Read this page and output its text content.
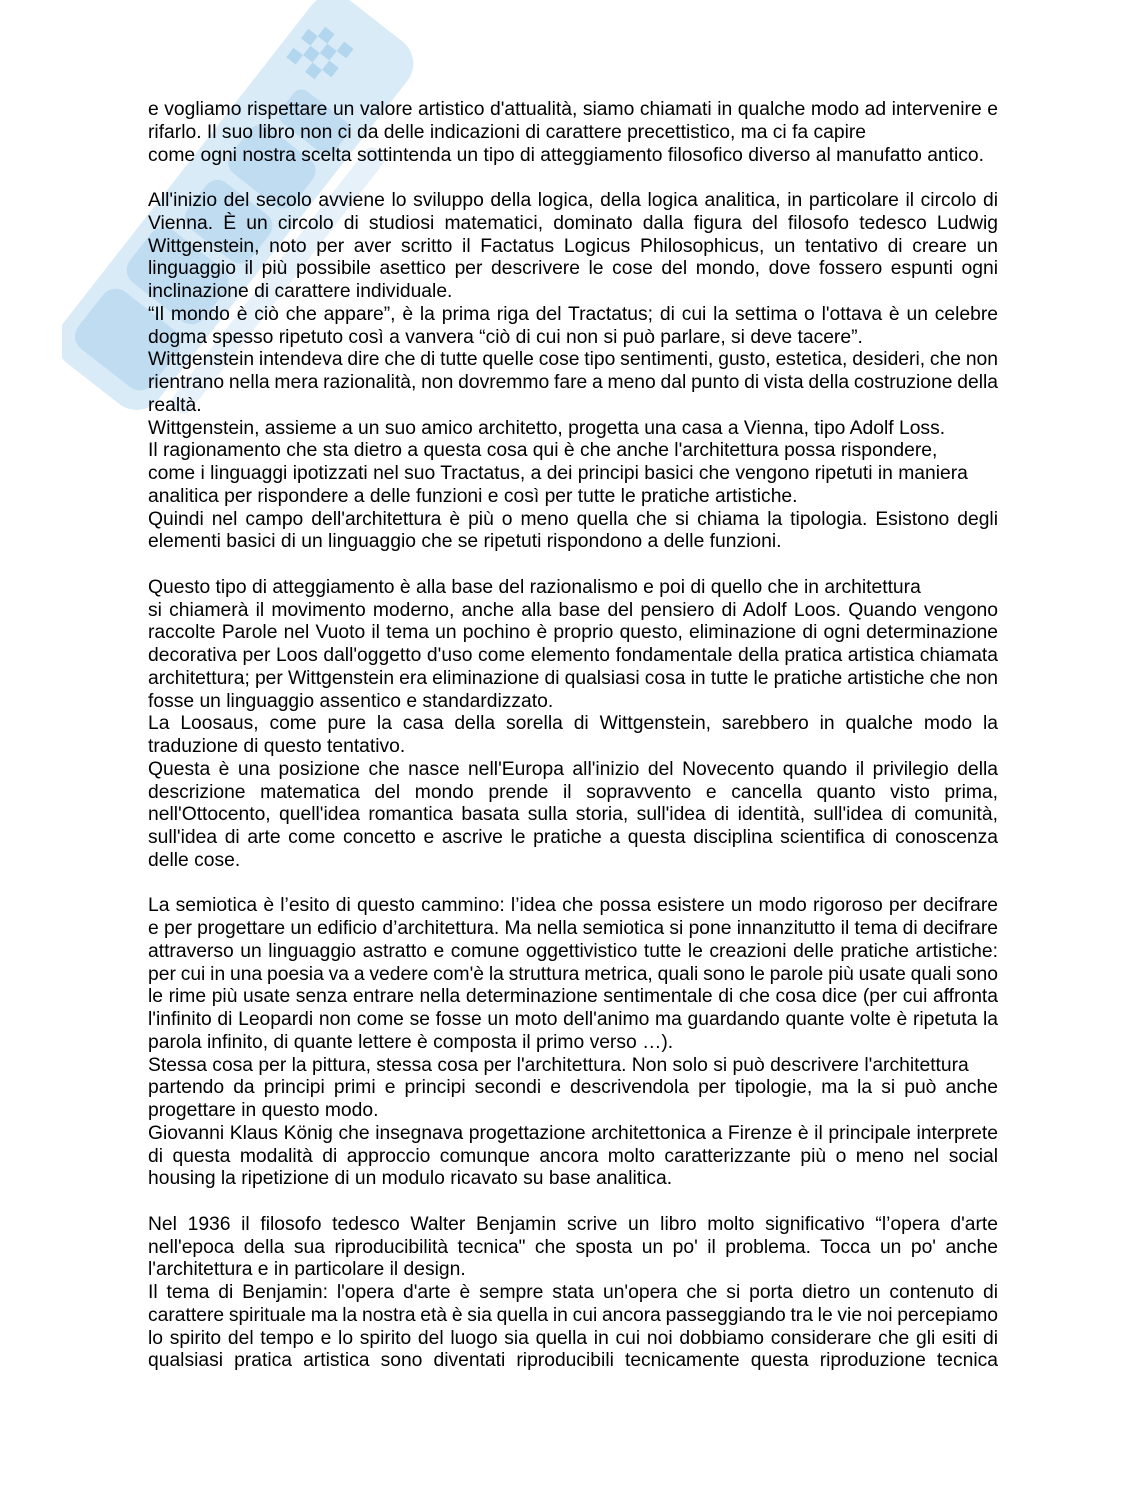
e vogliamo rispettare un valore artistico d'attualità, siamo chiamati in qualche modo ad intervenire e
rifarlo. Il suo libro non ci da delle indicazioni di carattere precettistico, ma ci fa capire
come ogni nostra scelta sottintenda un tipo di atteggiamento filosofico diverso al manufatto antico.
All'inizio del secolo avviene lo sviluppo della logica, della logica analitica, in particolare il circolo di
Vienna. È un circolo di studiosi matematici, dominato dalla figura del filosofo tedesco Ludwig
Wittgenstein, noto per aver scritto il Factatus Logicus Philosophicus, un tentativo di creare un
linguaggio il più possibile asettico per descrivere le cose del mondo, dove fossero espunti ogni
inclinazione di carattere individuale.
“Il mondo è ciò che appare”, è la prima riga del Tractatus; di cui la settima o l'ottava è un celebre
dogma spesso ripetuto così a vanvera “ciò di cui non si può parlare, si deve tacere”.
Wittgenstein intendeva dire che di tutte quelle cose tipo sentimenti, gusto, estetica, desideri, che non
rientrano nella mera razionalità, non dovremmo fare a meno dal punto di vista della costruzione della
realtà.
Wittgenstein, assieme a un suo amico architetto, progetta una casa a Vienna, tipo Adolf Loss.
Il ragionamento che sta dietro a questa cosa qui è che anche l'architettura possa rispondere,
come i linguaggi ipotizzati nel suo Tractatus, a dei principi basici che vengono ripetuti in maniera
analitica per rispondere a delle funzioni e così per tutte le pratiche artistiche.
Quindi nel campo dell'architettura è più o meno quella che si chiama la tipologia. Esistono degli
elementi basici di un linguaggio che se ripetuti rispondono a delle funzioni.
Questo tipo di atteggiamento è alla base del razionalismo e poi di quello che in architettura
si chiamerà il movimento moderno, anche alla base del pensiero di Adolf Loos. Quando vengono
raccolte Parole nel Vuoto il tema un pochino è proprio questo, eliminazione di ogni determinazione
decorativa per Loos dall'oggetto d'uso come elemento fondamentale della pratica artistica chiamata
architettura; per Wittgenstein era eliminazione di qualsiasi cosa in tutte le pratiche artistiche che non
fosse un linguaggio assentico e standardizzato.
La Loosaus, come pure la casa della sorella di Wittgenstein, sarebbero in qualche modo la
traduzione di questo tentativo.
Questa è una posizione che nasce nell'Europa all'inizio del Novecento quando il privilegio della
descrizione matematica del mondo prende il sopravvento e cancella quanto visto prima,
nell'Ottocento, quell'idea romantica basata sulla storia, sull'idea di identità, sull'idea di comunità,
sull'idea di arte come concetto e ascrive le pratiche a questa disciplina scientifica di conoscenza
delle cose.
La semiotica è l’esito di questo cammino: l’idea che possa esistere un modo rigoroso per decifrare
e per progettare un edificio d’architettura. Ma nella semiotica si pone innanzitutto il tema di decifrare
attraverso un linguaggio astratto e comune oggettivistico tutte le creazioni delle pratiche artistiche:
per cui in una poesia va a vedere com'è la struttura metrica, quali sono le parole più usate quali sono
le rime più usate senza entrare nella determinazione sentimentale di che cosa dice (per cui affronta
l'infinito di Leopardi non come se fosse un moto dell'animo ma guardando quante volte è ripetuta la
parola infinito, di quante lettere è composta il primo verso …).
Stessa cosa per la pittura, stessa cosa per l'architettura. Non solo si può descrivere l'architettura
partendo da principi primi e principi secondi e descrivendola per tipologie, ma la si può anche
progettare in questo modo.
Giovanni Klaus König che insegnava progettazione architettonica a Firenze è il principale interprete
di questa modalità di approccio comunque ancora molto caratterizzante più o meno nel social
housing la ripetizione di un modulo ricavato su base analitica.
Nel 1936 il filosofo tedesco Walter Benjamin scrive un libro molto significativo “l’opera d'arte
nell'epoca della sua riproducibilità tecnica" che sposta un po' il problema. Tocca un po' anche
l'architettura e in particolare il design.
Il tema di Benjamin: l'opera d'arte è sempre stata un'opera che si porta dietro un contenuto di
carattere spirituale ma la nostra età è sia quella in cui ancora passeggiando tra le vie noi percepiamo
lo spirito del tempo e lo spirito del luogo sia quella in cui noi dobbiamo considerare che gli esiti di
qualsiasi pratica artistica sono diventati riproducibili tecnicamente questa riproduzione tecnica
